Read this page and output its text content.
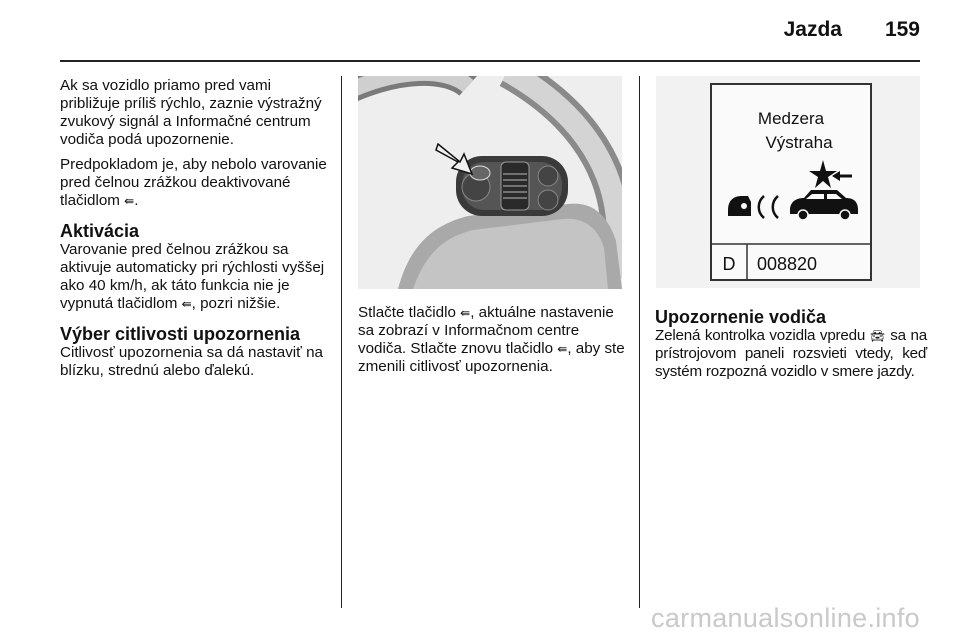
Jazda 159

Ak sa vozidlo priamo pred vami približuje príliš rýchlo, zaznie výstražný zvukový signál a Informačné centrum vodiča podá upozornenie.

Predpokladom je, aby nebolo varovanie pred čelnou zrážkou deaktivované tlačidlom ⇚.

Aktivácia

Varovanie pred čelnou zrážkou sa aktivuje automaticky pri rýchlosti vyššej ako 40 km/h, ak táto funkcia nie je vypnutá tlačidlom ⇚, pozri nižšie.

Výber citlivosti upozornenia

Citlivosť upozornenia sa dá nastaviť na blízku, strednú alebo ďalekú.

Stlačte tlačidlo ⇚, aktuálne nastavenie sa zobrazí v Informačnom centre vodiča. Stlačte znovu tlačidlo ⇚, aby ste zmenili citlivosť upozornenia.

Medzera
Výstraha
D 008820
Upozornenie vodiča

Zelená kontrolka vozidla vpredu 🚘︎ sa na prístrojovom paneli rozsvieti vtedy, keď systém rozpozná vozidlo v smere jazdy.

carmanualsonline.info
